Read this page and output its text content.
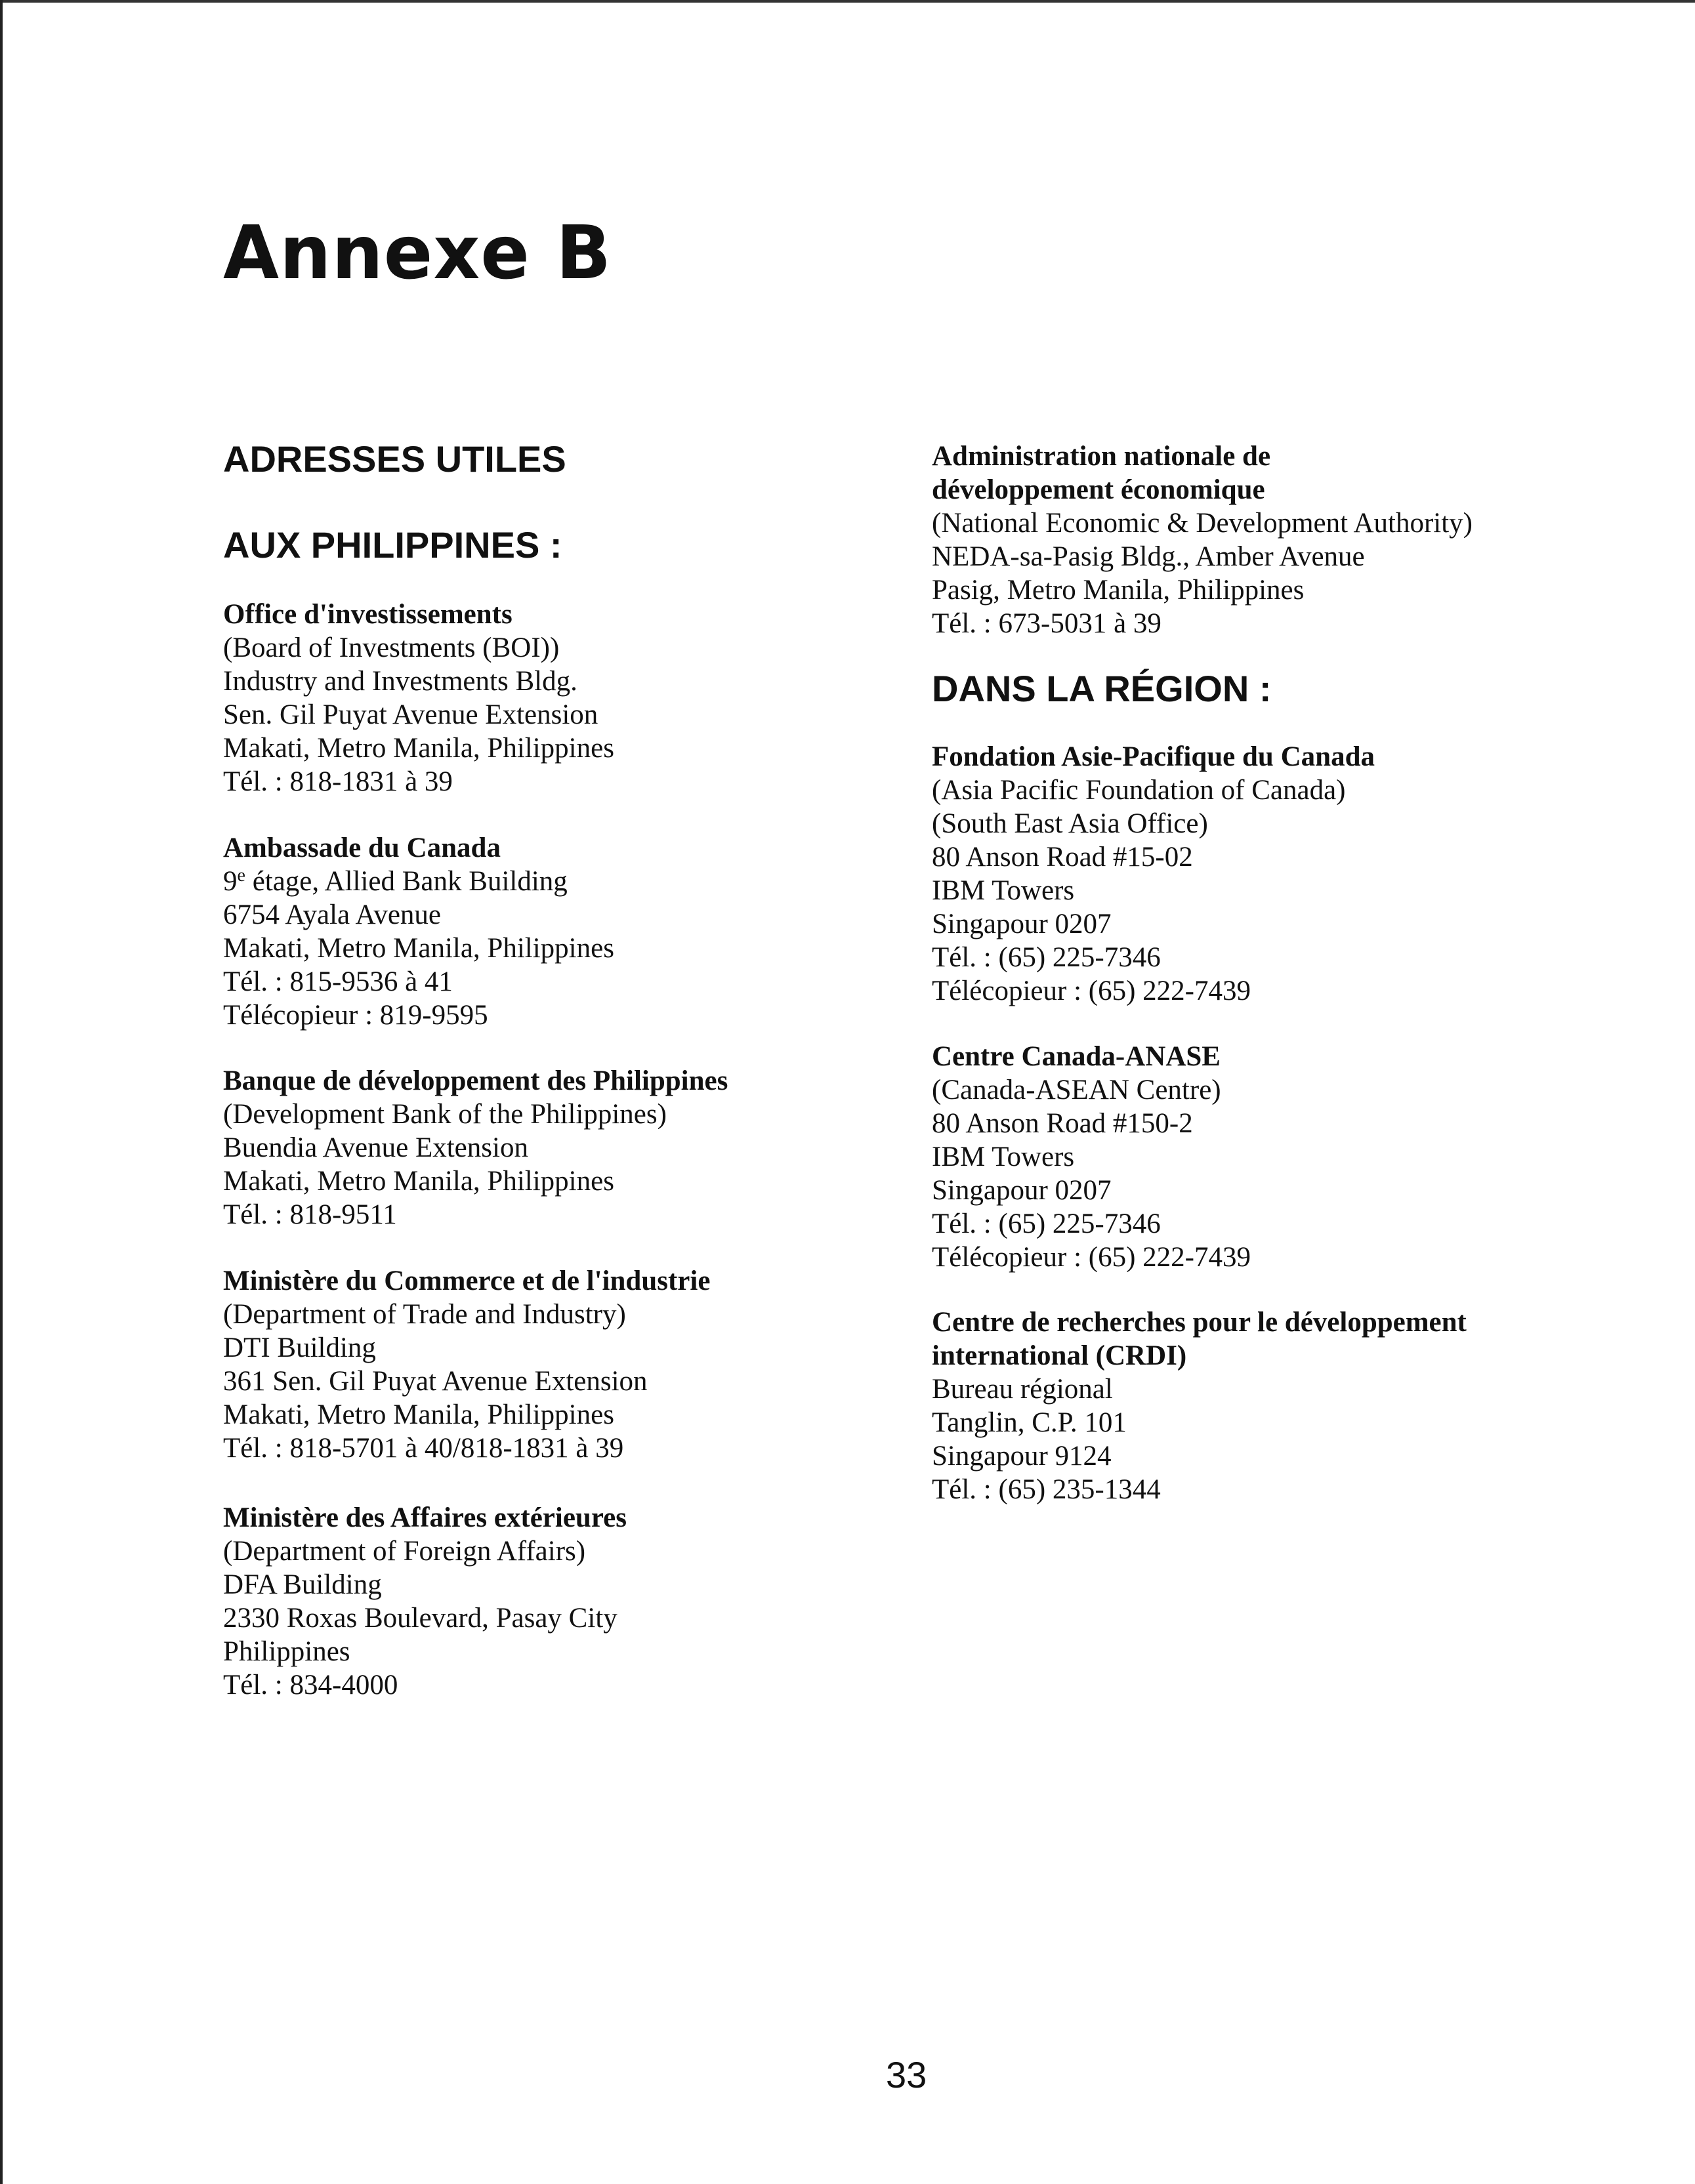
Annexe B
ADRESSES UTILES
AUX PHILIPPINES :
Office d'investissements
(Board of Investments (BOI))
Industry and Investments Bldg.
Sen. Gil Puyat Avenue Extension
Makati, Metro Manila, Philippines
Tél. : 818-1831 à 39
Ambassade du Canada
9e étage, Allied Bank Building
6754 Ayala Avenue
Makati, Metro Manila, Philippines
Tél. : 815-9536 à 41
Télécopieur : 819-9595
Banque de développement des Philippines
(Development Bank of the Philippines)
Buendia Avenue Extension
Makati, Metro Manila, Philippines
Tél. : 818-9511
Ministère du Commerce et de l'industrie
(Department of Trade and Industry)
DTI Building
361 Sen. Gil Puyat Avenue Extension
Makati, Metro Manila, Philippines
Tél. : 818-5701 à 40/818-1831 à 39
Ministère des Affaires extérieures
(Department of Foreign Affairs)
DFA Building
2330 Roxas Boulevard, Pasay City
Philippines
Tél. : 834-4000
Administration nationale de
développement économique
(National Economic & Development Authority)
NEDA-sa-Pasig Bldg., Amber Avenue
Pasig, Metro Manila, Philippines
Tél. : 673-5031 à 39
DANS LA RÉGION :
Fondation Asie-Pacifique du Canada
(Asia Pacific Foundation of Canada)
(South East Asia Office)
80 Anson Road #15-02
IBM Towers
Singapour 0207
Tél. : (65) 225-7346
Télécopieur : (65) 222-7439
Centre Canada-ANASE
(Canada-ASEAN Centre)
80 Anson Road #150-2
IBM Towers
Singapour 0207
Tél. : (65) 225-7346
Télécopieur : (65) 222-7439
Centre de recherches pour le développement
international (CRDI)
Bureau régional
Tanglin, C.P. 101
Singapour 9124
Tél. : (65) 235-1344
33
